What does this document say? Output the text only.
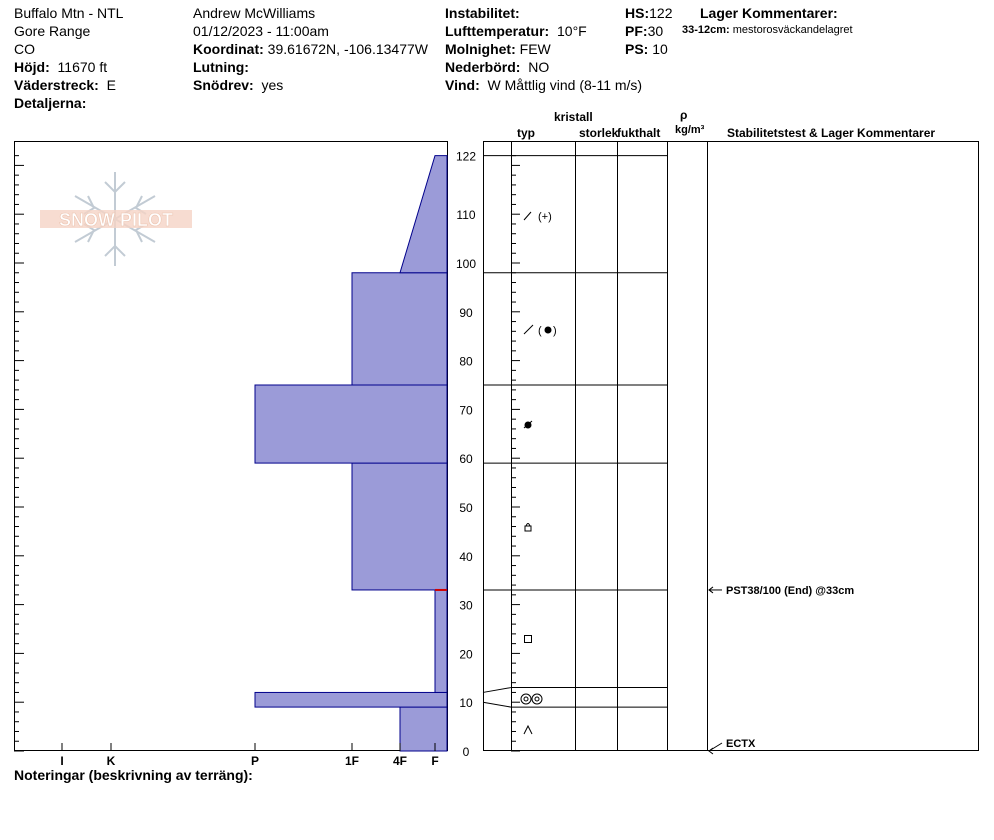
Buffalo Mtn - NTL
Gore Range
CO
Höjd: 11670 ft
Väderstreck: E
Detaljerna:
Andrew McWilliams
01/12/2023 - 11:00am
Koordinat: 39.61672N, -106.13477W
Lutning:
Snödrev: yes
Instabilitet:
Lufttemperatur: 10°F
Molnighet: FEW
Nederbörd: NO
Vind: W Måttlig vind (8-11 m/s)
HS:122
PF:30
PS: 10
Lager Kommentarer:
33-12cm: mestorosväckandelagret
kristall
typ	storlek
fukthalt
ρ
kg/m³ Stabilitetstest & Lager Kommentarer
SNOW PILOT
I	K	P	1F	4F F
0
10
20
30
40
50
60
70
80
90
100
110
122
(+)
( )
PST38/100 (End) @33cm
ECTX
Noteringar (beskrivning av terräng):
